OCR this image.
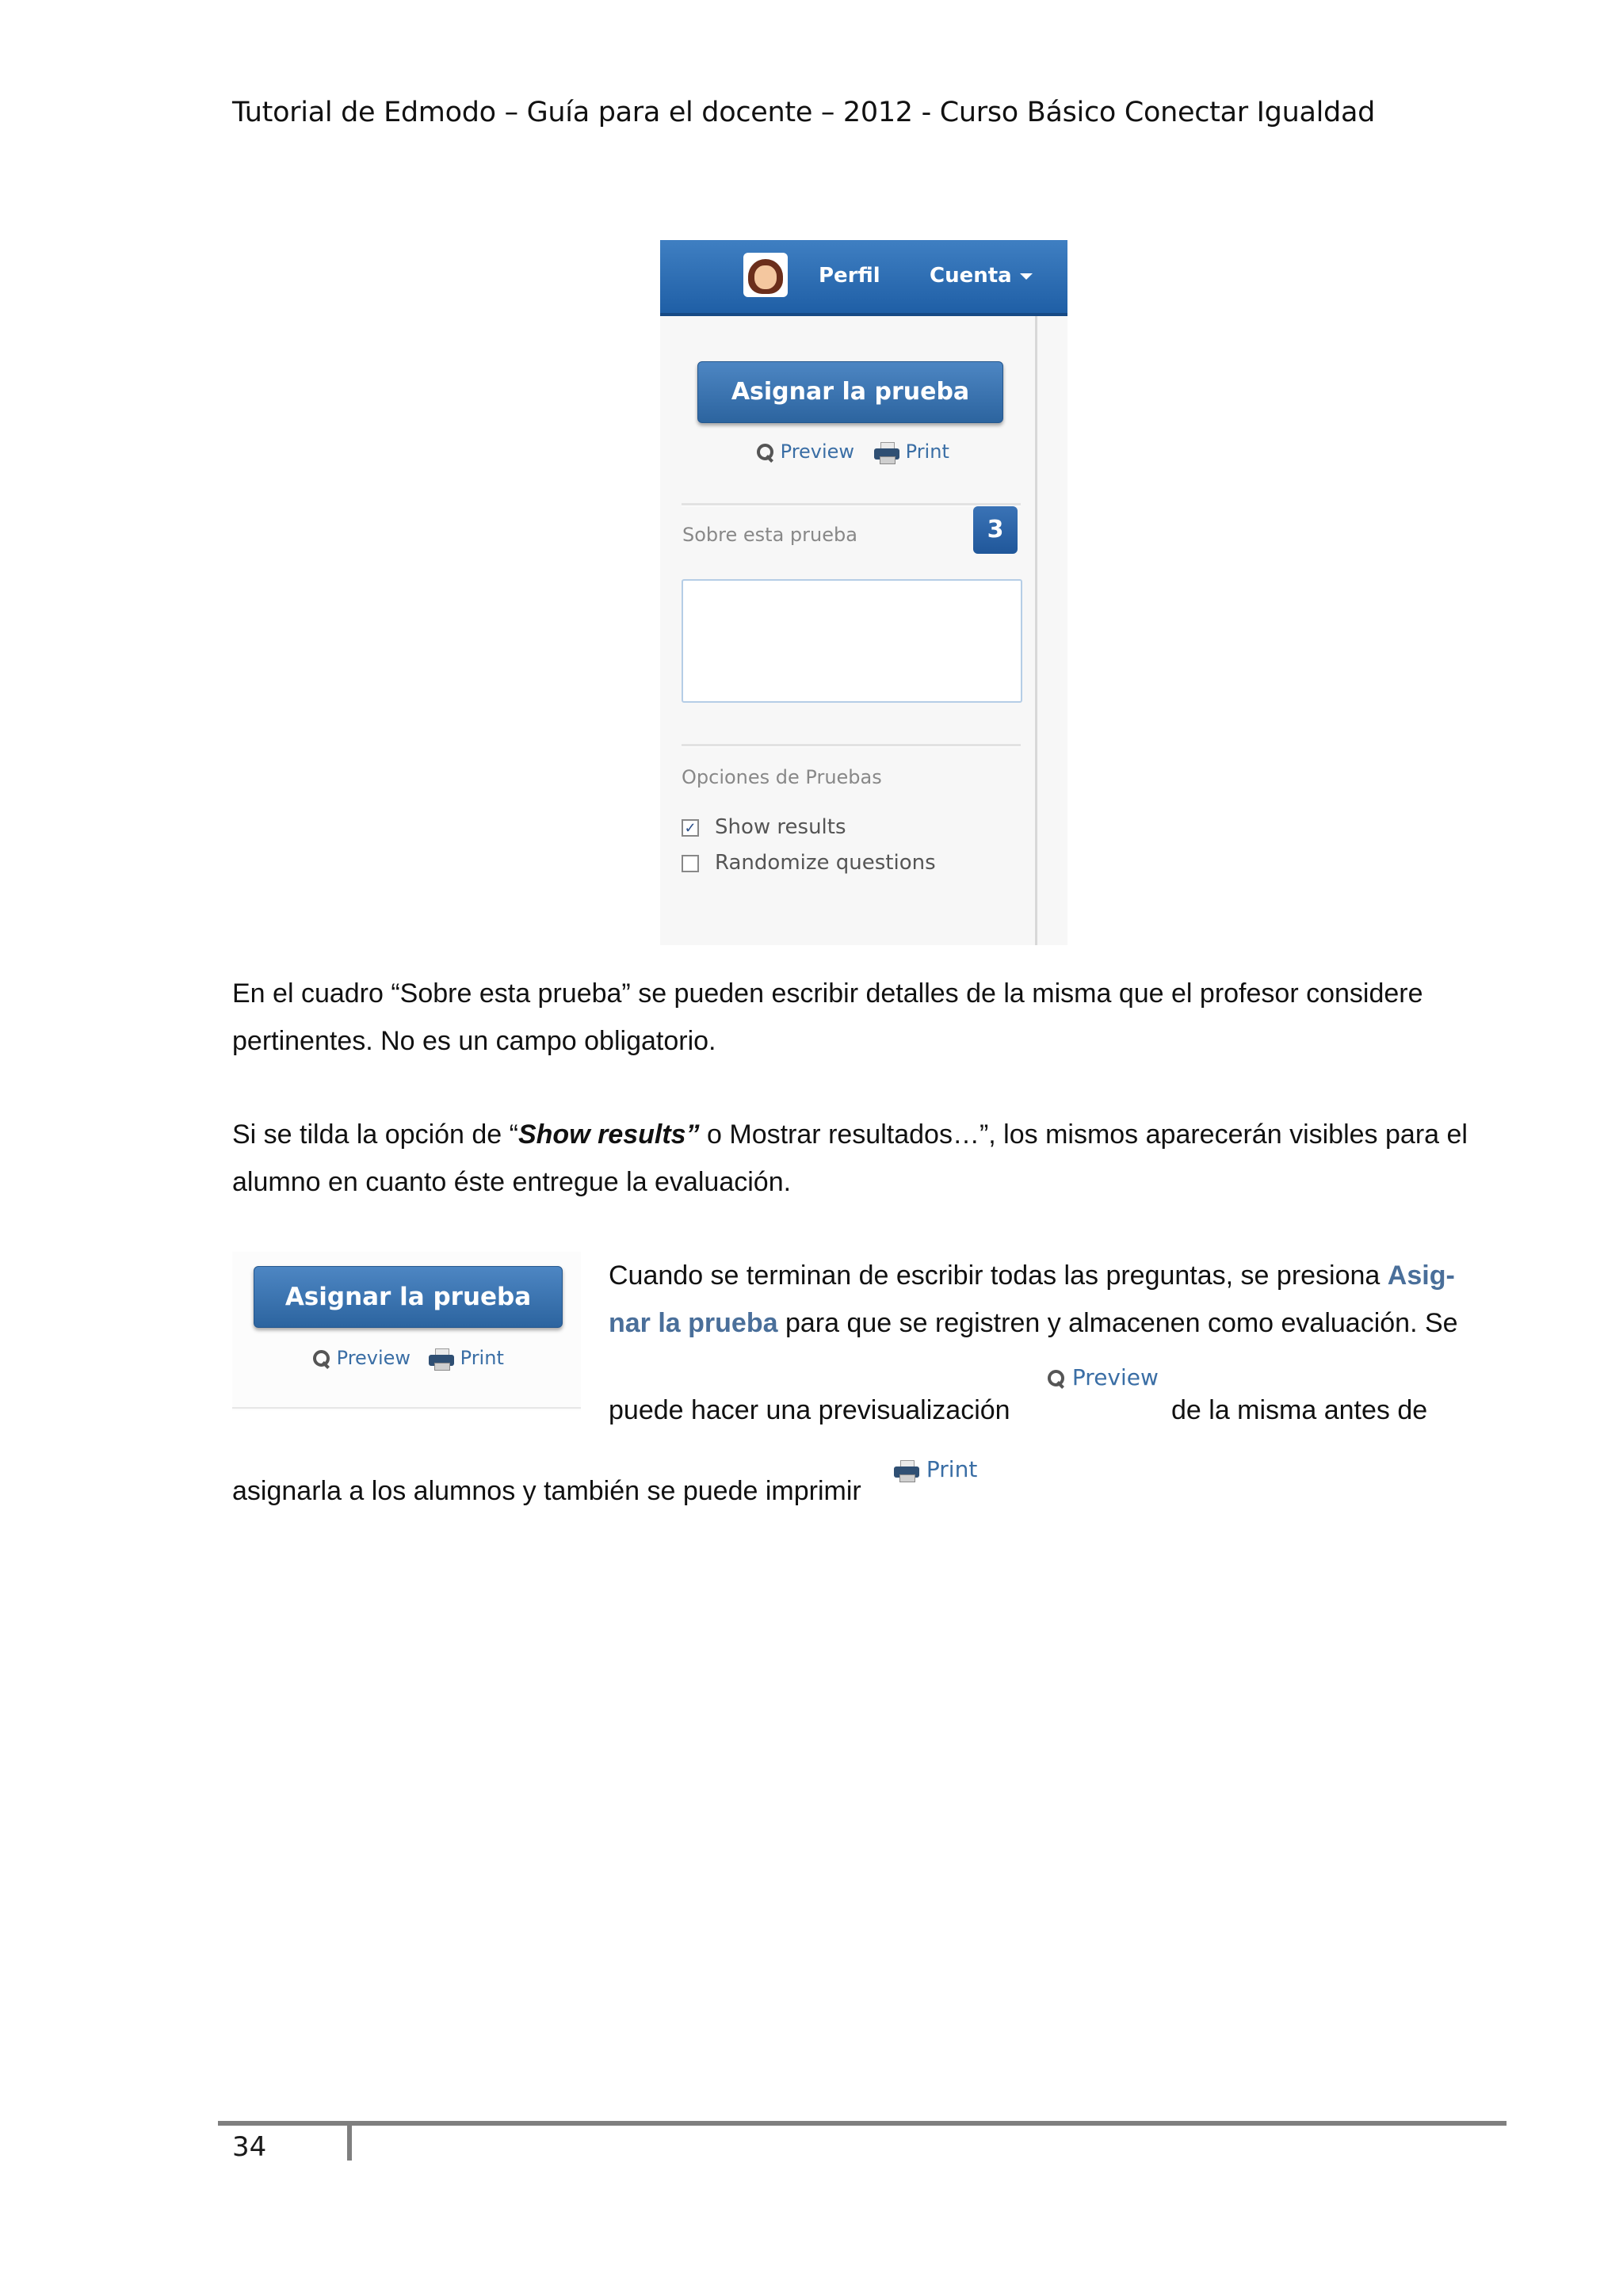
Tutorial de Edmodo – Guía para el docente – 2012 - Curso Básico Conectar Igualdad
Perfil Cuenta
Asignar la prueba
Preview	Print
Sobre esta prueba	3
Opciones de Pruebas
✓ Show results
Randomize questions
En el cuadro “Sobre esta prueba” se pueden escribir detalles de la misma que el profesor considere
pertinentes. No es un campo obligatorio.
Si se tilda la opción de “Show results” o Mostrar resultados…”, los mismos aparecerán visibles para el
alumno en cuanto éste entregue la evaluación.
Asignar la prueba
Preview	Print
Cuando se terminan de escribir todas las preguntas, se presiona Asig-
nar la prueba para que se registren y almacenen como evaluación. Se
puede hacer una previsualización
Preview
de la misma antes de
asignarla a los alumnos y también se puede imprimir
Print
34
